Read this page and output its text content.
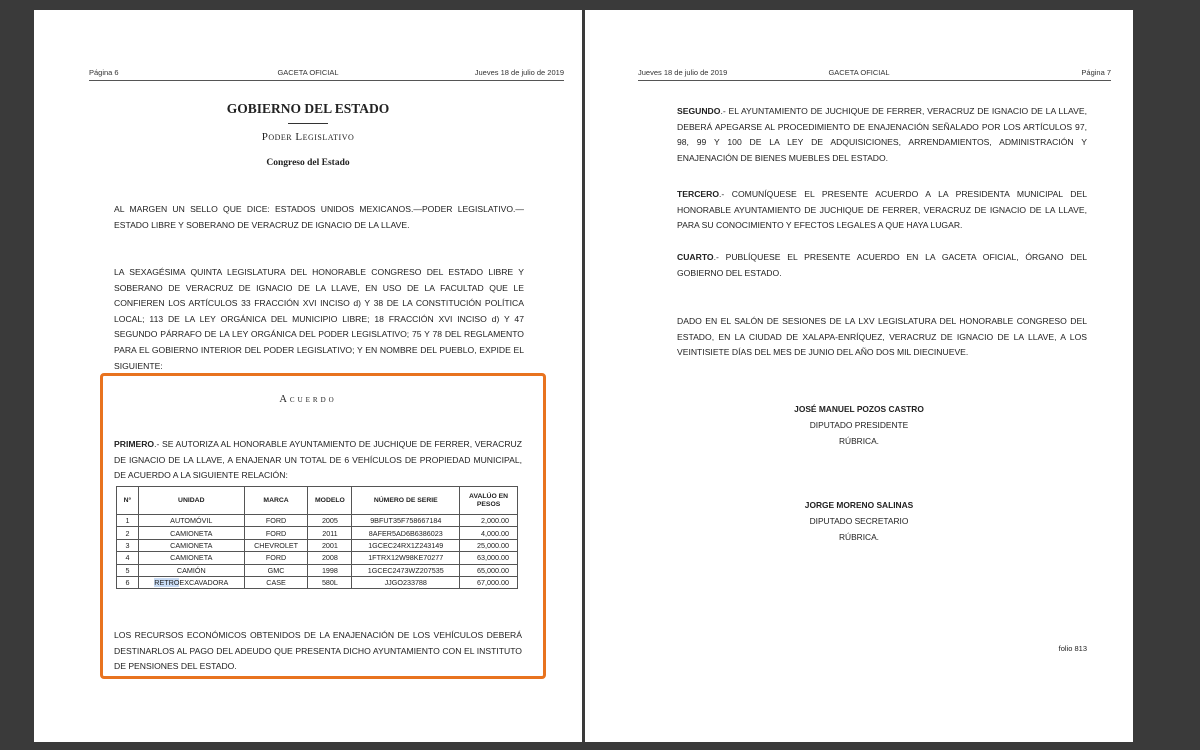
Página 6	GACETA OFICIAL	Jueves 18 de julio de 2019
GOBIERNO DEL ESTADO
Poder Legislativo
Congreso del Estado

AL MARGEN UN SELLO QUE DICE: ESTADOS UNIDOS MEXICANOS.—PODER LEGISLATIVO.—ESTADO LIBRE Y SOBERANO DE VERACRUZ DE IGNACIO DE LA LLAVE.

LA SEXAGÉSIMA QUINTA LEGISLATURA DEL HONORABLE CONGRESO DEL ESTADO LIBRE Y SOBERANO DE VERACRUZ DE IGNACIO DE LA LLAVE, EN USO DE LA FACULTAD QUE LE CONFIEREN LOS ARTÍCULOS 33 FRACCIÓN XVI INCISO d) Y 38 DE LA CONSTITUCIÓN POLÍTICA LOCAL; 113 DE LA LEY ORGÁNICA DEL MUNICIPIO LIBRE; 18 FRACCIÓN XVI INCISO d) Y 47 SEGUNDO PÁRRAFO DE LA LEY ORGÁNICA DEL PODER LEGISLATIVO; 75 Y 78 DEL REGLAMENTO PARA EL GOBIERNO INTERIOR DEL PODER LEGISLATIVO; Y EN NOMBRE DEL PUEBLO, EXPIDE EL SIGUIENTE:

Acuerdo

PRIMERO.- SE AUTORIZA AL HONORABLE AYUNTAMIENTO DE JUCHIQUE DE FERRER, VERACRUZ DE IGNACIO DE LA LLAVE, A ENAJENAR UN TOTAL DE 6 VEHÍCULOS DE PROPIEDAD MUNICIPAL, DE ACUERDO A LA SIGUIENTE RELACIÓN:

LOS RECURSOS ECONÓMICOS OBTENIDOS DE LA ENAJENACIÓN DE LOS VEHÍCULOS DEBERÁ DESTINARLOS AL PAGO DEL ADEUDO QUE PRESENTA DICHO AYUNTAMIENTO CON EL INSTITUTO DE PENSIONES DEL ESTADO.

N°	UNIDAD	MARCA	MODELO	NÚMERO DE SERIE	AVALÚO EN PESOS
1	AUTOMÓVIL	FORD	2005	9BFUT35F758667184	2,000.00
2	CAMIONETA	FORD	2011	8AFER5AD6B6386023	4,000.00
3	CAMIONETA	CHEVROLET	2001	1GCEC24RX1Z243149	25,000.00
4	CAMIONETA	FORD	2008	1FTRX12W98KE70277	63,000.00
5	CAMIÓN	GMC	1998	1GCEC2473WZ207535	65,000.00
6	RETROEXCAVADORA	CASE	580L	JJGO233788	67,000.00
Jueves 18 de julio de 2019	GACETA OFICIAL	Página 7

SEGUNDO.- EL AYUNTAMIENTO DE JUCHIQUE DE FERRER, VERACRUZ DE IGNACIO DE LA LLAVE, DEBERÁ APEGARSE AL PROCEDIMIENTO DE ENAJENACIÓN SEÑALADO POR LOS ARTÍCULOS 97, 98, 99 Y 100 DE LA LEY DE ADQUISICIONES, ARRENDAMIENTOS, ADMINISTRACIÓN Y ENAJENACIÓN DE BIENES MUEBLES DEL ESTADO.

TERCERO.- COMUNÍQUESE EL PRESENTE ACUERDO A LA PRESIDENTA MUNICIPAL DEL HONORABLE AYUNTAMIENTO DE JUCHIQUE DE FERRER, VERACRUZ DE IGNACIO DE LA LLAVE, PARA SU CONOCIMIENTO Y EFECTOS LEGALES A QUE HAYA LUGAR.

CUARTO.- PUBLÍQUESE EL PRESENTE ACUERDO EN LA GACETA OFICIAL, ÓRGANO DEL GOBIERNO DEL ESTADO.

DADO EN EL SALÓN DE SESIONES DE LA LXV LEGISLATURA DEL HONORABLE CONGRESO DEL ESTADO, EN LA CIUDAD DE XALAPA-ENRÍQUEZ, VERACRUZ DE IGNACIO DE LA LLAVE, A LOS VEINTISIETE DÍAS DEL MES DE JUNIO DEL AÑO DOS MIL DIECINUEVE.

JOSÉ MANUEL POZOS CASTRO
DIPUTADO PRESIDENTE
RÚBRICA.
JORGE MORENO SALINAS
DIPUTADO SECRETARIO
RÚBRICA.
folio 813
